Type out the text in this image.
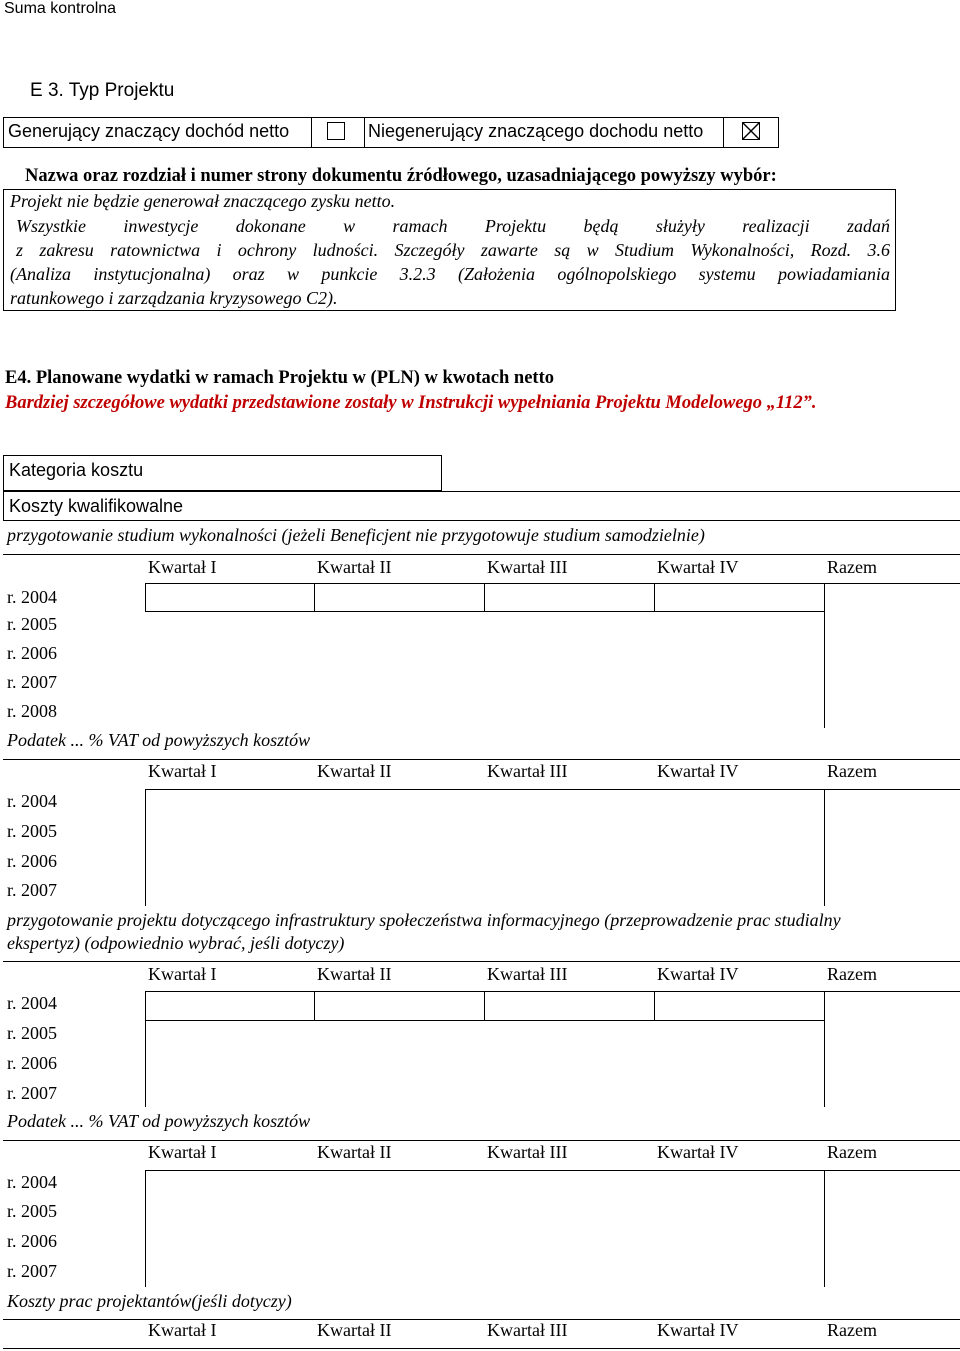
Suma kontrolna
E 3. Typ Projektu
Generujący znaczący dochód netto	Niegenerujący znaczącego dochodu netto
Nazwa oraz rozdział i numer strony dokumentu źródłowego, uzasadniającego powyższy wybór:
Projekt nie będzie generował znaczącego zysku netto.
Wszystkie inwestycje dokonane w ramach Projektu będą służyły realizacji zadań
z zakresu ratownictwa i ochrony ludności. Szczegóły zawarte są w Studium Wykonalności, Rozd. 3.6
(Analiza instytucjonalna) oraz w punkcie 3.2.3 (Założenia ogólnopolskiego systemu powiadamiania
ratunkowego i zarządzania kryzysowego C2).
E4. Planowane wydatki w ramach Projektu w (PLN) w kwotach netto
Bardziej szczegółowe wydatki przedstawione zostały w Instrukcji wypełniania Projektu Modelowego „112”.
Kategoria kosztu
Koszty kwalifikowalne
przygotowanie studium wykonalności (jeżeli Beneficjent nie przygotowuje studium samodzielnie)
Kwartał I	Kwartał II	Kwartał III	Kwartał IV	Razem
r. 2004
r. 2005
r. 2006
r. 2007
r. 2008
Podatek ... % VAT od powyższych kosztów
Kwartał I	Kwartał II	Kwartał III	Kwartał IV	Razem
r. 2004
r. 2005
r. 2006
r. 2007
przygotowanie projektu dotyczącego infrastruktury społeczeństwa informacyjnego (przeprowadzenie prac studialny
ekspertyz) (odpowiednio wybrać, jeśli dotyczy)
Kwartał I	Kwartał II	Kwartał III	Kwartał IV	Razem
r. 2004
r. 2005
r. 2006
r. 2007
Podatek ... % VAT od powyższych kosztów
Kwartał I	Kwartał II	Kwartał III	Kwartał IV	Razem
r. 2004
r. 2005
r. 2006
r. 2007
Koszty prac projektantów(jeśli dotyczy)
Kwartał I	Kwartał II	Kwartał III	Kwartał IV	Razem
